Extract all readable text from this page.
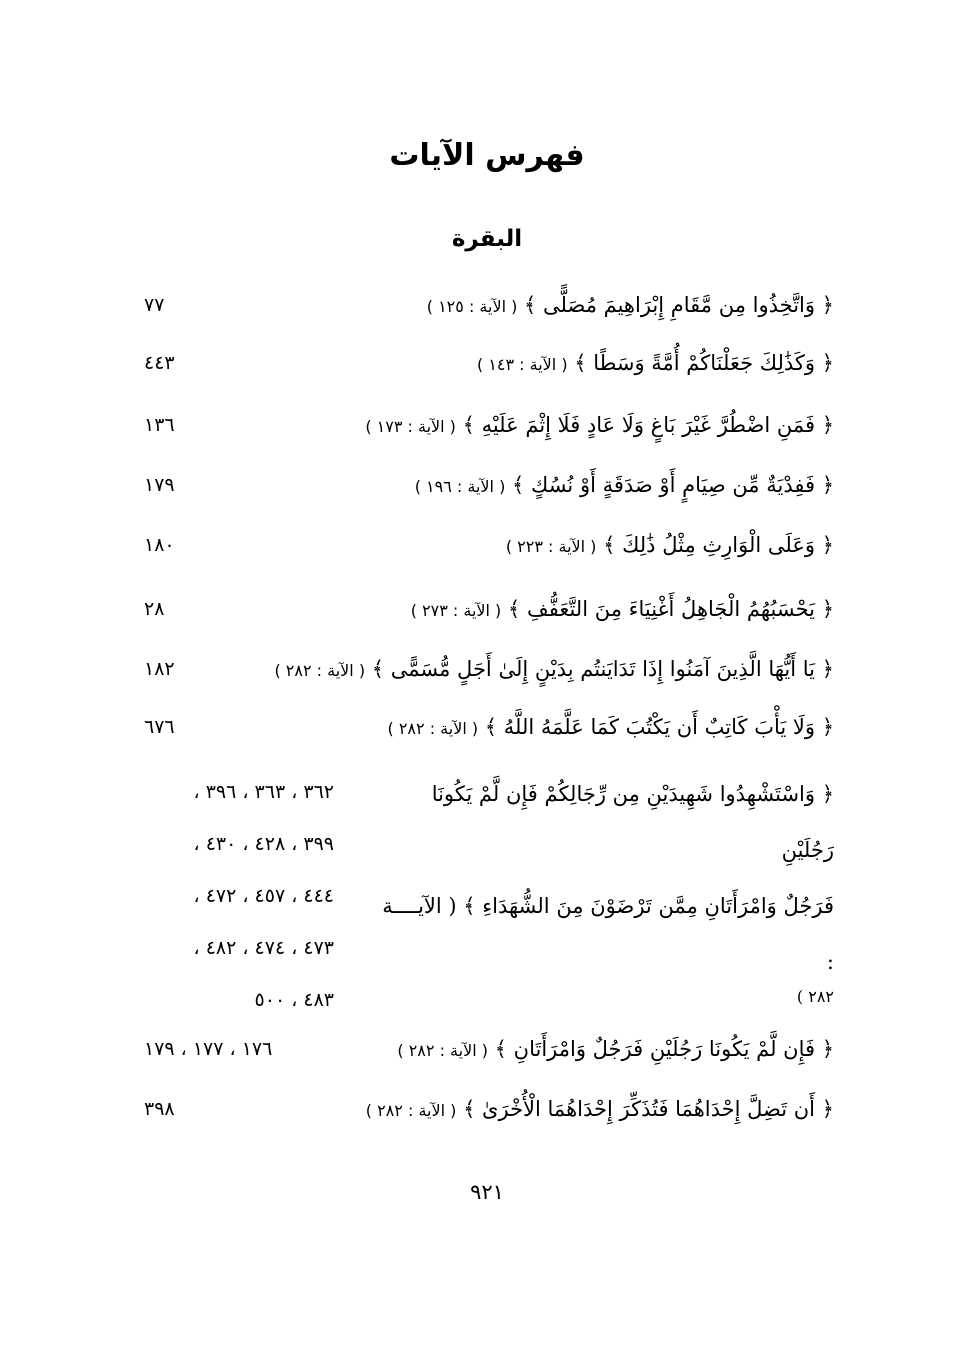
فهرس الآيات
البقرة
﴿ وَاتَّخِذُوا مِن مَّقَامِ إِبْرَاهِيمَ مُصَلًّى ﴾ ( الآية : ١٢٥ )
٧٧
﴿ وَكَذَٰلِكَ جَعَلْنَاكُمْ أُمَّةً وَسَطًا ﴾ ( الآية : ١٤٣ )
٤٤٣
﴿ فَمَنِ اضْطُرَّ غَيْرَ بَاغٍ وَلَا عَادٍ فَلَا إِثْمَ عَلَيْهِ ﴾ ( الآية : ١٧٣ )
١٣٦
﴿ فَفِدْيَةٌ مِّن صِيَامٍ أَوْ صَدَقَةٍ أَوْ نُسُكٍ ﴾ ( الآية : ١٩٦ )
١٧٩
﴿ وَعَلَى الْوَارِثِ مِثْلُ ذَٰلِكَ ﴾ ( الآية : ٢٢٣ )
١٨٠
﴿ يَحْسَبُهُمُ الْجَاهِلُ أَغْنِيَاءَ مِنَ التَّعَفُّفِ ﴾ ( الآية : ٢٧٣ )
٢٨
﴿ يَا أَيُّهَا الَّذِينَ آمَنُوا إِذَا تَدَايَنتُم بِدَيْنٍ إِلَىٰ أَجَلٍ مُّسَمًّى ﴾ ( الآية : ٢٨٢ )
١٨٢
﴿ وَلَا يَأْبَ كَاتِبٌ أَن يَكْتُبَ كَمَا عَلَّمَهُ اللَّهُ ﴾ ( الآية : ٢٨٢ )
٦٧٦
﴿ وَاسْتَشْهِدُوا شَهِيدَيْنِ مِن رِّجَالِكُمْ فَإِن لَّمْ يَكُونَا رَجُلَيْنِ
فَرَجُلٌ وَامْرَأَتَانِ مِمَّن تَرْضَوْنَ مِنَ الشُّهَدَاءِ ﴾ ( الآيــــة :
٢٨٢ )
٣٦٢ ، ٣٦٣ ، ٣٩٦ ،
٣٩٩ ، ٤٢٨ ، ٤٣٠ ،
٤٤٤ ، ٤٥٧ ، ٤٧٢ ،
٤٧٣ ، ٤٧٤ ، ٤٨٢ ،
٤٨٣ ، ٥٠٠
﴿ فَإِن لَّمْ يَكُونَا رَجُلَيْنِ فَرَجُلٌ وَامْرَأَتَانِ ﴾ ( الآية : ٢٨٢ )
١٧٦ ، ١٧٧ ، ١٧٩
﴿ أَن تَضِلَّ إِحْدَاهُمَا فَتُذَكِّرَ إِحْدَاهُمَا الْأُخْرَىٰ ﴾ ( الآية : ٢٨٢ )
٣٩٨
٩٢١
